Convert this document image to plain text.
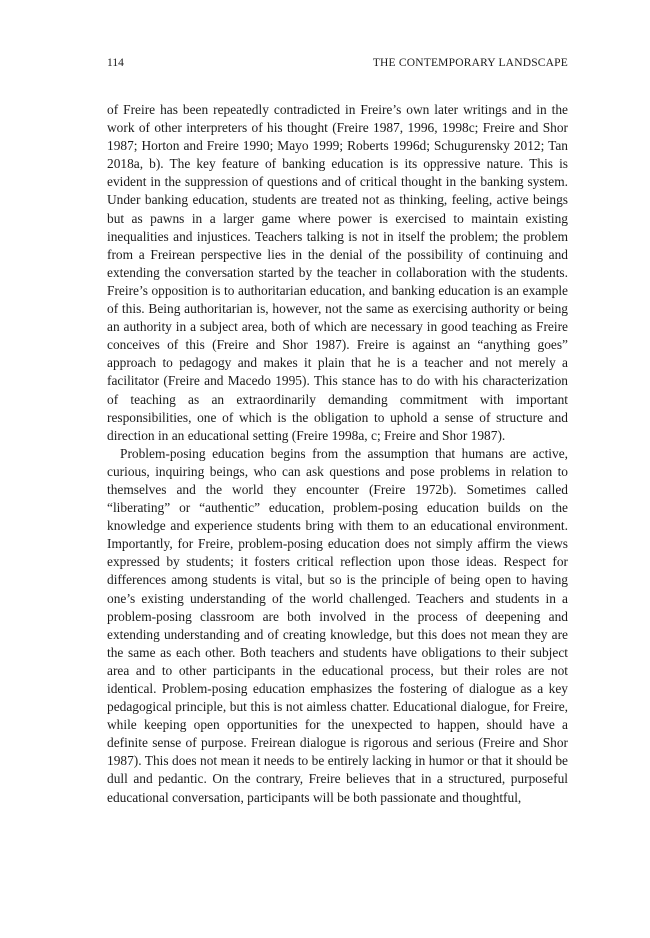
114	THE CONTEMPORARY LANDSCAPE

of Freire has been repeatedly contradicted in Freire’s own later writings and in the work of other interpreters of his thought (Freire 1987, 1996, 1998c; Freire and Shor 1987; Horton and Freire 1990; Mayo 1999; Roberts 1996d; Schugurensky 2012; Tan 2018a, b). The key feature of banking education is its oppressive nature. This is evident in the suppression of questions and of critical thought in the banking system. Under banking education, students are treated not as thinking, feeling, active beings but as pawns in a larger game where power is exercised to maintain existing inequalities and injustices. Teachers talking is not in itself the problem; the problem from a Freirean perspective lies in the denial of the possibility of continuing and extending the conversation started by the teacher in collaboration with the students. Freire’s opposition is to authoritarian education, and banking education is an example of this. Being authoritarian is, however, not the same as exercising authority or being an authority in a subject area, both of which are necessary in good teaching as Freire conceives of this (Freire and Shor 1987). Freire is against an “anything goes” approach to pedagogy and makes it plain that he is a teacher and not merely a facilitator (Freire and Macedo 1995). This stance has to do with his characterization of teaching as an extraordinarily demanding commitment with important responsibilities, one of which is the obligation to uphold a sense of structure and direction in an educational setting (Freire 1998a, c; Freire and Shor 1987).

Problem-posing education begins from the assumption that humans are active, curious, inquiring beings, who can ask questions and pose problems in relation to themselves and the world they encounter (Freire 1972b). Sometimes called “liberating” or “authentic” education, problem-posing education builds on the knowledge and experience students bring with them to an educational environment. Importantly, for Freire, problem-posing education does not simply affirm the views expressed by students; it fosters critical reflection upon those ideas. Respect for differences among students is vital, but so is the principle of being open to having one’s existing understanding of the world challenged. Teachers and students in a problem-posing classroom are both involved in the process of deepening and extending understanding and of creating knowledge, but this does not mean they are the same as each other. Both teachers and students have obligations to their subject area and to other participants in the educational process, but their roles are not identical. Problem-posing education emphasizes the fostering of dialogue as a key pedagogical principle, but this is not aimless chatter. Educational dialogue, for Freire, while keeping open opportunities for the unexpected to happen, should have a definite sense of purpose. Freirean dialogue is rigorous and serious (Freire and Shor 1987). This does not mean it needs to be entirely lacking in humor or that it should be dull and pedantic. On the contrary, Freire believes that in a structured, purposeful educational conversation, participants will be both passionate and thoughtful,
